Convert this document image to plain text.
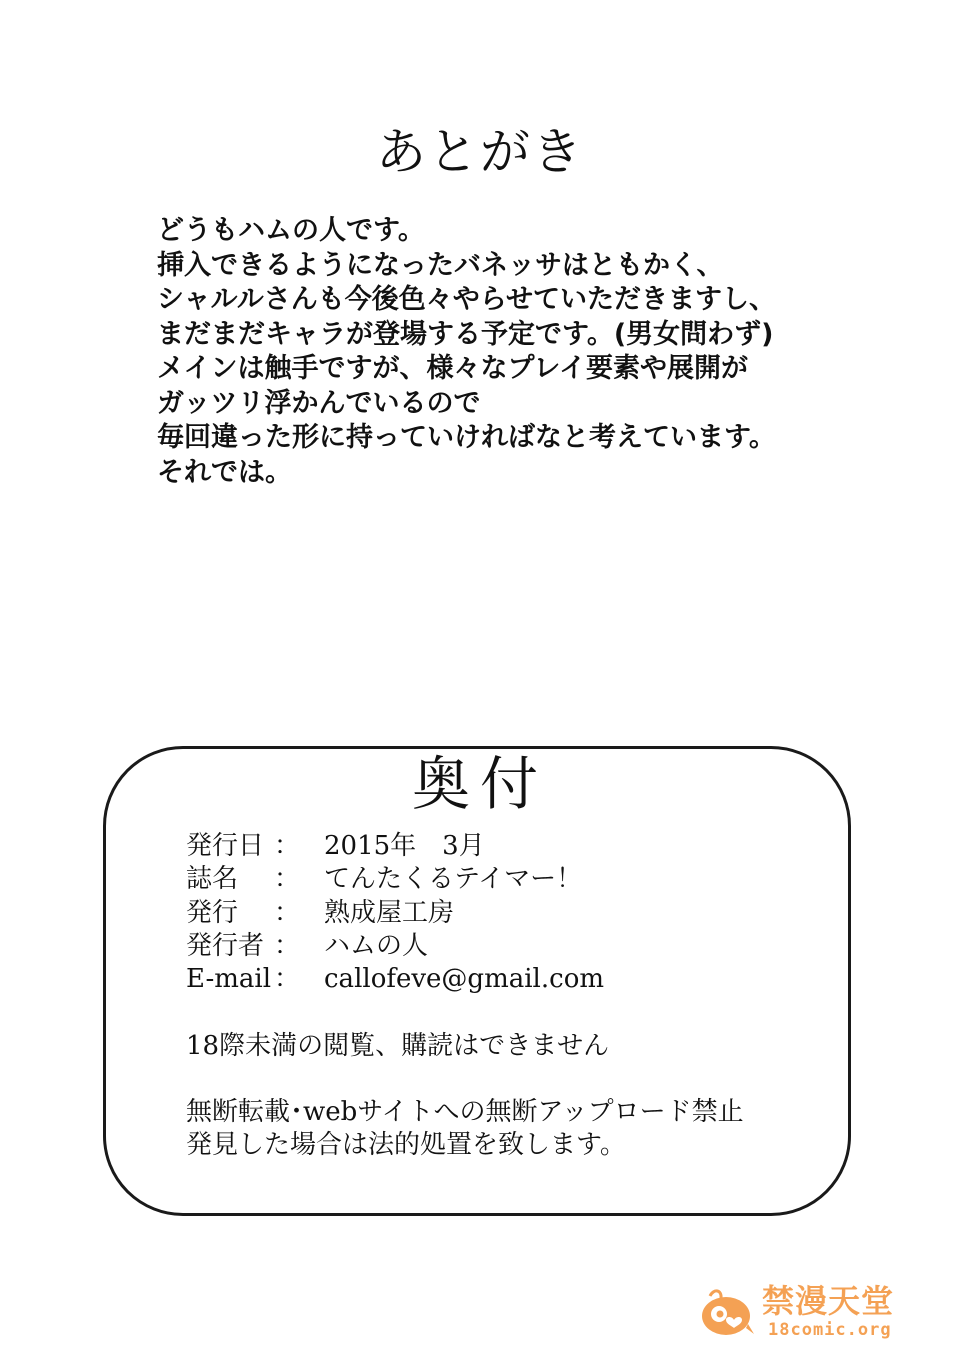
あとがき
どうもハムの人です。
挿入できるようになったバネッサはともかく、
シャルルさんも今後色々やらせていただきますし、
まだまだキャラが登場する予定です。(男女問わず)
メインは触手ですが、様々なプレイ要素や展開が
ガッツリ浮かんでいるので
毎回違った形に持っていければなと考えています。
それでは。
奥付
発行日 ： 2015年　3月
誌名 ： てんたくるテイマー！
発行 ： 熟成屋工房
発行者 ： ハムの人
E-mail ： callofeve@gmail.com
18際未満の閲覧、購読はできません
無断転載･webサイトへの無断アップロード禁止
発見した場合は法的処置を致します。
禁漫天堂
18comic.org
